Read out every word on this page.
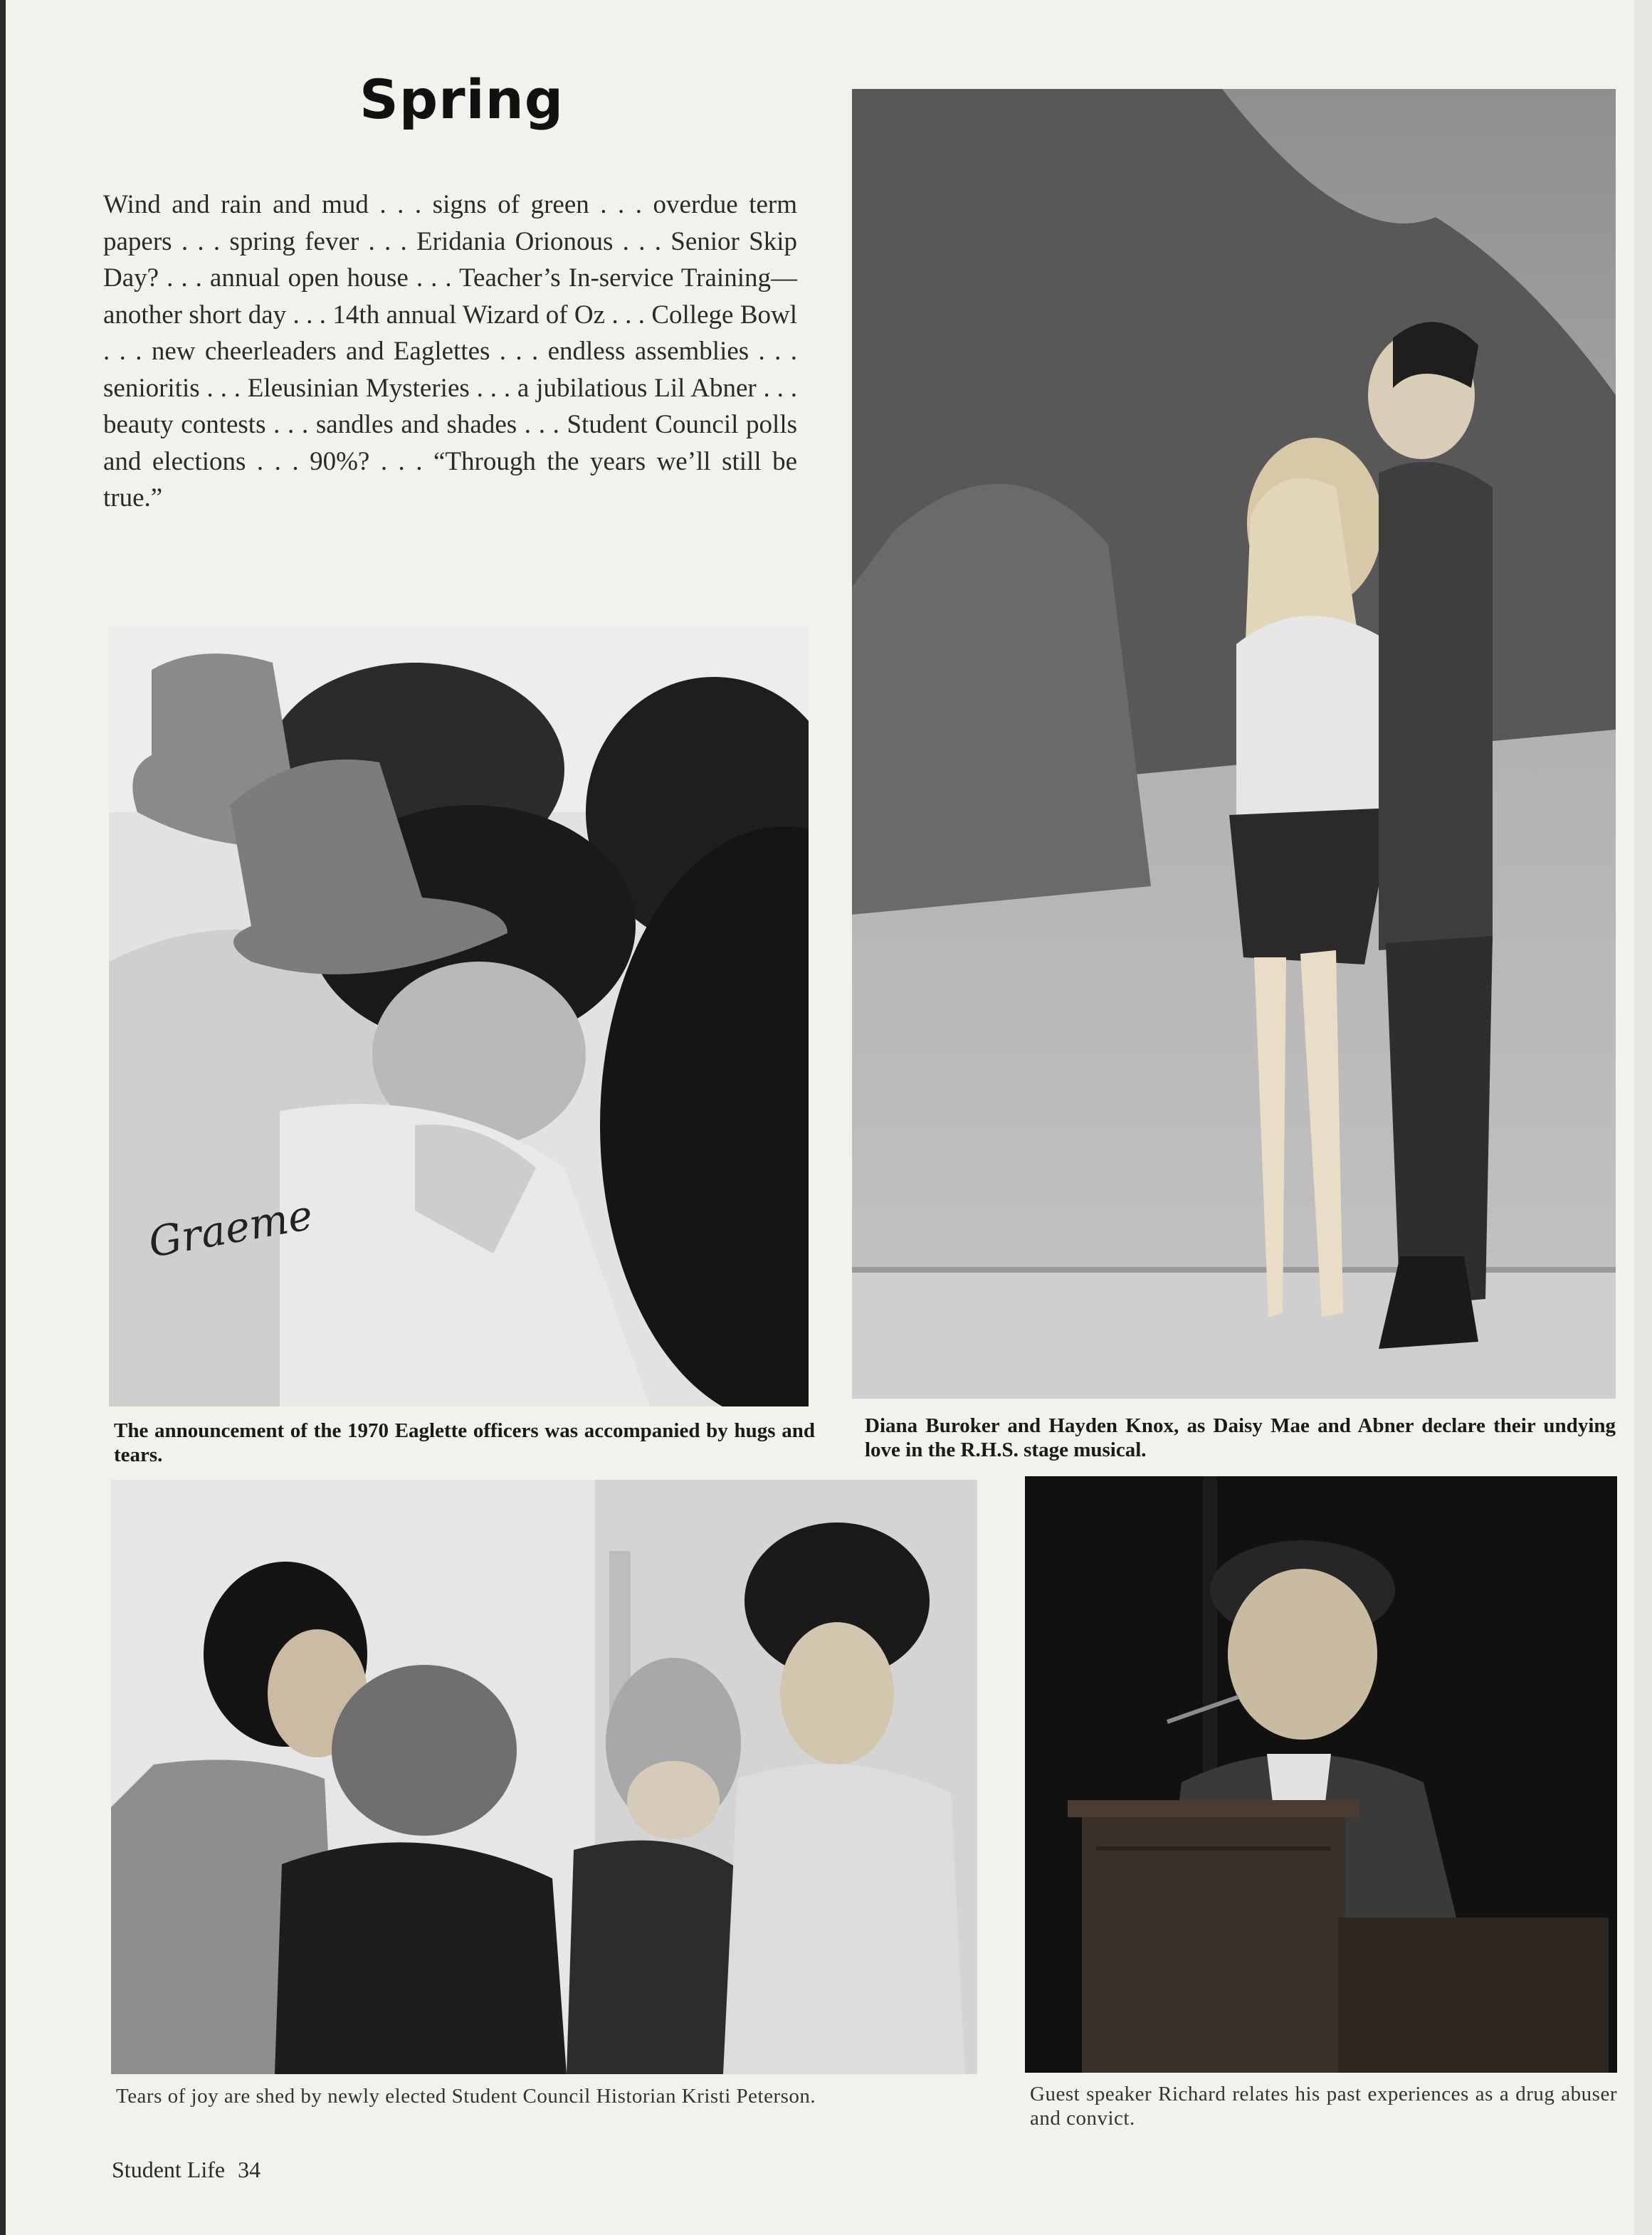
Spring
Wind and rain and mud . . . signs of green . . . overdue term papers . . . spring fever . . . Eridania Orionous . . . Senior Skip Day? . . . annual open house . . . Teacher’s In-service Training—another short day . . . 14th annual Wizard of Oz . . . College Bowl . . . new cheerleaders and Eaglettes . . . endless assemblies . . . senioritis . . . Eleusinian Mysteries . . . a jubilatious Lil Abner . . . beauty contests . . . sandles and shades . . . Student Council polls and elections . . . 90%? . . . “Through the years we’ll still be true.”
Graeme
The announcement of the 1970 Eaglette officers was accompanied by hugs and tears.
Diana Buroker and Hayden Knox, as Daisy Mae and Abner declare their undying love in the R.H.S. stage musical.
Tears of joy are shed by newly elected Student Council Historian Kristi Peterson.	Guest speaker Richard relates his past experiences as a drug abuser and convict.
Student Life 34
